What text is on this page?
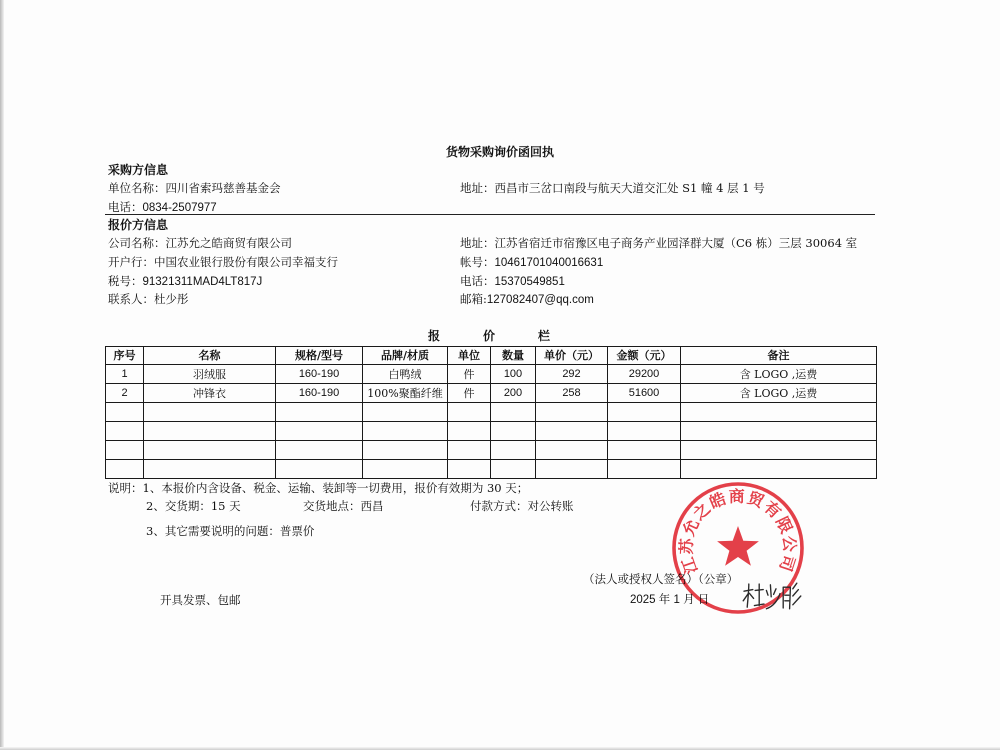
货物采购询价函回执
采购方信息
单位名称：四川省索玛慈善基金会	地址：西昌市三岔口南段与航天大道交汇处 S1 幢 4 层 1 号
电话：0834-2507977
报价方信息
公司名称：江苏允之皓商贸有限公司	地址：江苏省宿迁市宿豫区电子商务产业园泽群大厦（C6 栋）三层 30064 室
开户行：中国农业银行股份有限公司幸福支行	帐号：10461701040016631
税号：91321311MAD4LT817J	电话：15370549851
联系人：杜少彤	邮箱:127082407@qq.com
报价栏
序号	名称	规格/型号	品牌/材质	单位	数量	单价（元）	金额（元）	备注
1	羽绒服	160-190	白鸭绒	件	100	292	29200	含 LOGO ,运费
2	冲锋衣	160-190	100%聚酯纤维	件	200	258	51600	含 LOGO ,运费

说明：1、本报价内含设备、税金、运输、装卸等一切费用，报价有效期为 30 天；
2、交货期：15 天	交货地点：西昌	付款方式：对公转账
3、其它需要说明的问题：普票价
（法人或授权人签名）（公章）
开具发票、包邮	2025 年 1 月 日
江苏允之皓商贸有限公司
